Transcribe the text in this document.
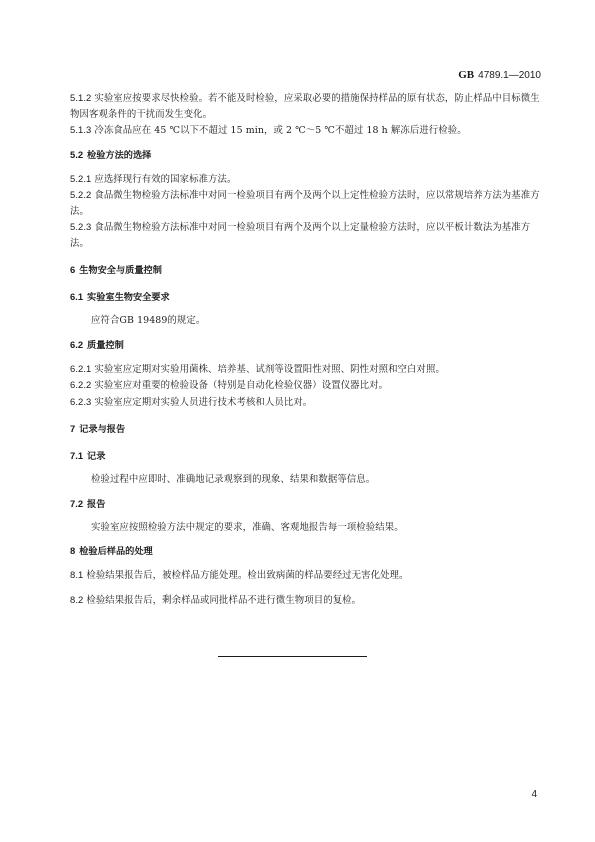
GB 4789.1—2010

5.1.2 实验室应按要求尽快检验。若不能及时检验，应采取必要的措施保持样品的原有状态，防止样品中目标微生物因客观条件的干扰而发生变化。

5.1.3 冷冻食品应在 45 ℃以下不超过 15 min，或 2 ℃～5 ℃不超过 18 h 解冻后进行检验。

5.2 检验方法的选择

5.2.1 应选择现行有效的国家标准方法。

5.2.2 食品微生物检验方法标准中对同一检验项目有两个及两个以上定性检验方法时，应以常规培养方法为基准方法。

5.2.3 食品微生物检验方法标准中对同一检验项目有两个及两个以上定量检验方法时，应以平板计数法为基准方法。

6 生物安全与质量控制

6.1 实验室生物安全要求

应符合GB 19489的规定。

6.2 质量控制

6.2.1 实验室应定期对实验用菌株、培养基、试剂等设置阳性对照、阴性对照和空白对照。

6.2.2 实验室应对重要的检验设备（特别是自动化检验仪器）设置仪器比对。

6.2.3 实验室应定期对实验人员进行技术考核和人员比对。

7 记录与报告

7.1 记录

检验过程中应即时、准确地记录观察到的现象、结果和数据等信息。

7.2 报告

实验室应按照检验方法中规定的要求，准确、客观地报告每一项检验结果。

8 检验后样品的处理

8.1 检验结果报告后，被检样品方能处理。检出致病菌的样品要经过无害化处理。

8.2 检验结果报告后，剩余样品或同批样品不进行微生物项目的复检。

4
